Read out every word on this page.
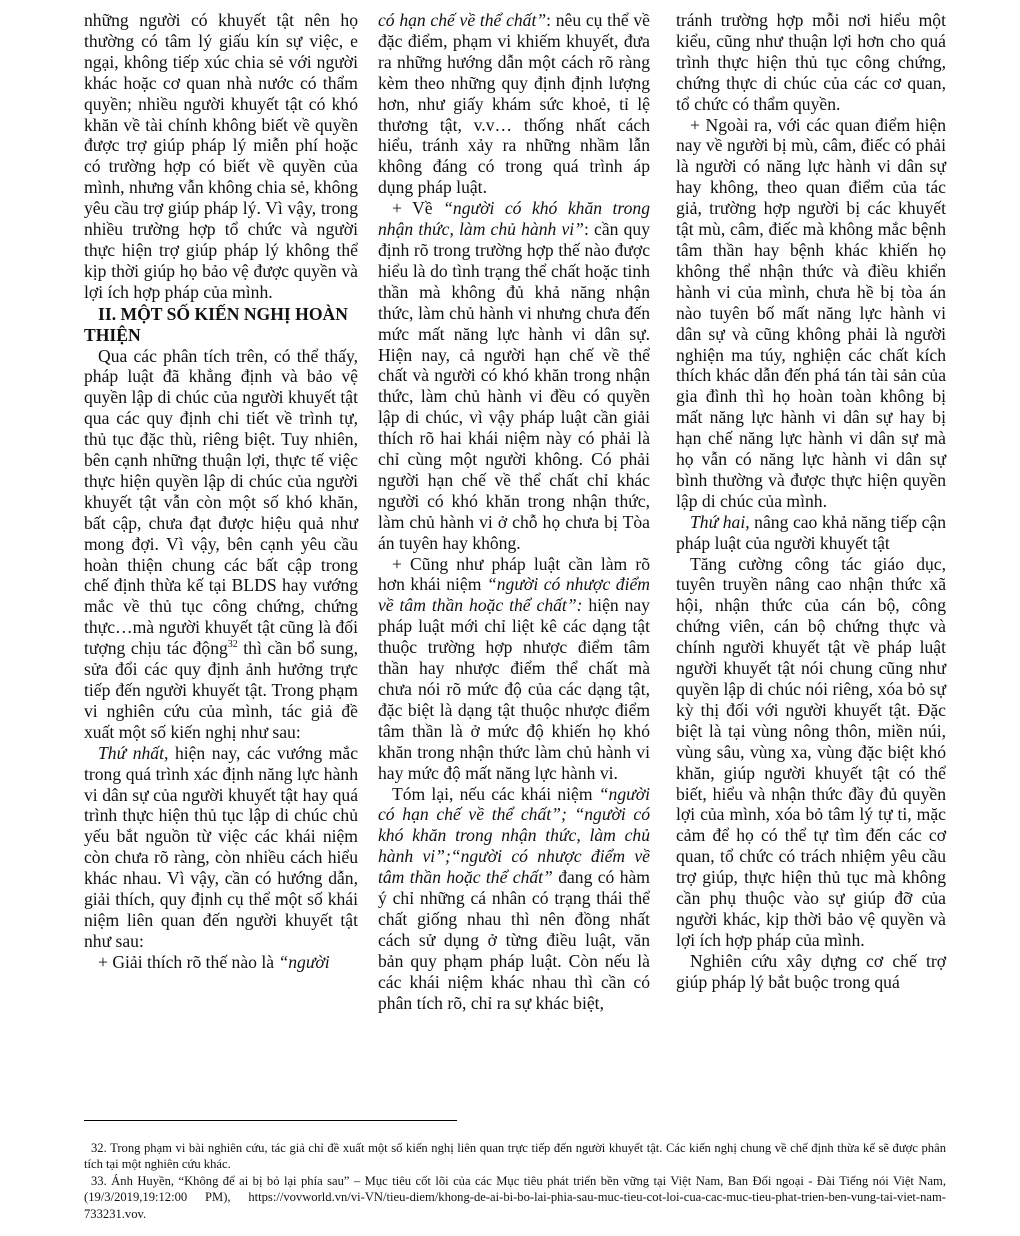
những người có khuyết tật nên họ thường có tâm lý giấu kín sự việc, e ngại, không tiếp xúc chia sẻ với người khác hoặc cơ quan nhà nước có thẩm quyền; nhiều người khuyết tật có khó khăn về tài chính không biết về quyền được trợ giúp pháp lý miễn phí hoặc có trường hợp có biết về quyền của mình, nhưng vẫn không chia sẻ, không yêu cầu trợ giúp pháp lý. Vì vậy, trong nhiều trường hợp tổ chức và người thực hiện trợ giúp pháp lý không thể kịp thời giúp họ bảo vệ được quyền và lợi ích hợp pháp của mình.

II. MỘT SỐ KIẾN NGHỊ HOÀN THIỆN

Qua các phân tích trên, có thể thấy, pháp luật đã khẳng định và bảo vệ quyền lập di chúc của người khuyết tật qua các quy định chi tiết về trình tự, thủ tục đặc thù, riêng biệt. Tuy nhiên, bên cạnh những thuận lợi, thực tế việc thực hiện quyền lập di chúc của người khuyết tật vẫn còn một số khó khăn, bất cập, chưa đạt được hiệu quả như mong đợi. Vì vậy, bên cạnh yêu cầu hoàn thiện chung các bất cập trong chế định thừa kế tại BLDS hay vướng mắc về thủ tục công chứng, chứng thực…mà người khuyết tật cũng là đối tượng chịu tác động$^{32}$ thì cần bổ sung, sửa đổi các quy định ảnh hưởng trực tiếp đến người khuyết tật. Trong phạm vi nghiên cứu của mình, tác giả đề xuất một số kiến nghị như sau:

Thứ nhất, hiện nay, các vướng mắc trong quá trình xác định năng lực hành vi dân sự của người khuyết tật hay quá trình thực hiện thủ tục lập di chúc chủ yếu bắt nguồn từ việc các khái niệm còn chưa rõ ràng, còn nhiều cách hiểu khác nhau. Vì vậy, cần có hướng dẫn, giải thích, quy định cụ thể một số khái niệm liên quan đến người khuyết tật như sau:

+ Giải thích rõ thế nào là “người

có hạn chế về thể chất”: nêu cụ thể về đặc điểm, phạm vi khiếm khuyết, đưa ra những hướng dẫn một cách rõ ràng kèm theo những quy định định lượng hơn, như giấy khám sức khoẻ, tỉ lệ thương tật, v.v… thống nhất cách hiểu, tránh xảy ra những nhầm lẫn không đáng có trong quá trình áp dụng pháp luật.

+ Về “người có khó khăn trong nhận thức, làm chủ hành vi”: cần quy định rõ trong trường hợp thế nào được hiểu là do tình trạng thể chất hoặc tinh thần mà không đủ khả năng nhận thức, làm chủ hành vi nhưng chưa đến mức mất năng lực hành vi dân sự. Hiện nay, cả người hạn chế về thể chất và người có khó khăn trong nhận thức, làm chủ hành vi đều có quyền lập di chúc, vì vậy pháp luật cần giải thích rõ hai khái niệm này có phải là chỉ cùng một người không. Có phải người hạn chế về thể chất chỉ khác người có khó khăn trong nhận thức, làm chủ hành vi ở chỗ họ chưa bị Tòa án tuyên hay không.

+ Cũng như pháp luật cần làm rõ hơn khái niệm “người có nhược điểm về tâm thần hoặc thể chất”: hiện nay pháp luật mới chỉ liệt kê các dạng tật thuộc trường hợp nhược điểm tâm thần hay nhược điểm thể chất mà chưa nói rõ mức độ của các dạng tật, đặc biệt là dạng tật thuộc nhược điểm tâm thần là ở mức độ khiến họ khó khăn trong nhận thức làm chủ hành vi hay mức độ mất năng lực hành vi.

Tóm lại, nếu các khái niệm “người có hạn chế về thể chất”; “người có khó khăn trong nhận thức, làm chủ hành vi”;“người có nhược điểm về tâm thần hoặc thể chất” đang có hàm ý chỉ những cá nhân có trạng thái thể chất giống nhau thì nên đồng nhất cách sử dụng ở từng điều luật, văn bản quy phạm pháp luật. Còn nếu là các khái niệm khác nhau thì cần có phân tích rõ, chỉ ra sự khác biệt,

tránh trường hợp mỗi nơi hiểu một kiểu, cũng như thuận lợi hơn cho quá trình thực hiện thủ tục công chứng, chứng thực di chúc của các cơ quan, tổ chức có thẩm quyền.

+ Ngoài ra, với các quan điểm hiện nay về người bị mù, câm, điếc có phải là người có năng lực hành vi dân sự hay không, theo quan điểm của tác giả, trường hợp người bị các khuyết tật mù, câm, điếc mà không mắc bệnh tâm thần hay bệnh khác khiến họ không thể nhận thức và điều khiển hành vi của mình, chưa hề bị tòa án nào tuyên bố mất năng lực hành vi dân sự và cũng không phải là người nghiện ma túy, nghiện các chất kích thích khác dẫn đến phá tán tài sản của gia đình thì họ hoàn toàn không bị mất năng lực hành vi dân sự hay bị hạn chế năng lực hành vi dân sự mà họ vẫn có năng lực hành vi dân sự bình thường và được thực hiện quyền lập di chúc của mình.

Thứ hai, nâng cao khả năng tiếp cận pháp luật của người khuyết tật

Tăng cường công tác giáo dục, tuyên truyền nâng cao nhận thức xã hội, nhận thức của cán bộ, công chứng viên, cán bộ chứng thực và chính người khuyết tật về pháp luật người khuyết tật nói chung cũng như quyền lập di chúc nói riêng, xóa bỏ sự kỳ thị đối với người khuyết tật. Đặc biệt là tại vùng nông thôn, miền núi, vùng sâu, vùng xa, vùng đặc biệt khó khăn, giúp người khuyết tật có thể biết, hiểu và nhận thức đầy đủ quyền lợi của mình, xóa bỏ tâm lý tự ti, mặc cảm để họ có thể tự tìm đến các cơ quan, tổ chức có trách nhiệm yêu cầu trợ giúp, thực hiện thủ tục mà không cần phụ thuộc vào sự giúp đỡ của người khác, kịp thời bảo vệ quyền và lợi ích hợp pháp của mình.

Nghiên cứu xây dựng cơ chế trợ giúp pháp lý bắt buộc trong quá

32. Trong phạm vi bài nghiên cứu, tác giả chỉ đề xuất một số kiến nghị liên quan trực tiếp đến người khuyết tật. Các kiến nghị chung về chế định thừa kế sẽ được phân tích tại một nghiên cứu khác.

33. Ánh Huyền, “Không để ai bị bỏ lại phía sau” – Mục tiêu cốt lõi của các Mục tiêu phát triển bền vững tại Việt Nam, Ban Đối ngoại - Đài Tiếng nói Việt Nam, (19/3/2019,19:12:00 PM), https://vovworld.vn/vi-VN/tieu-diem/khong-de-ai-bi-bo-lai-phia-sau-muc-tieu-cot-loi-cua-cac-muc-tieu-phat-trien-ben-vung-tai-viet-nam-733231.vov.
